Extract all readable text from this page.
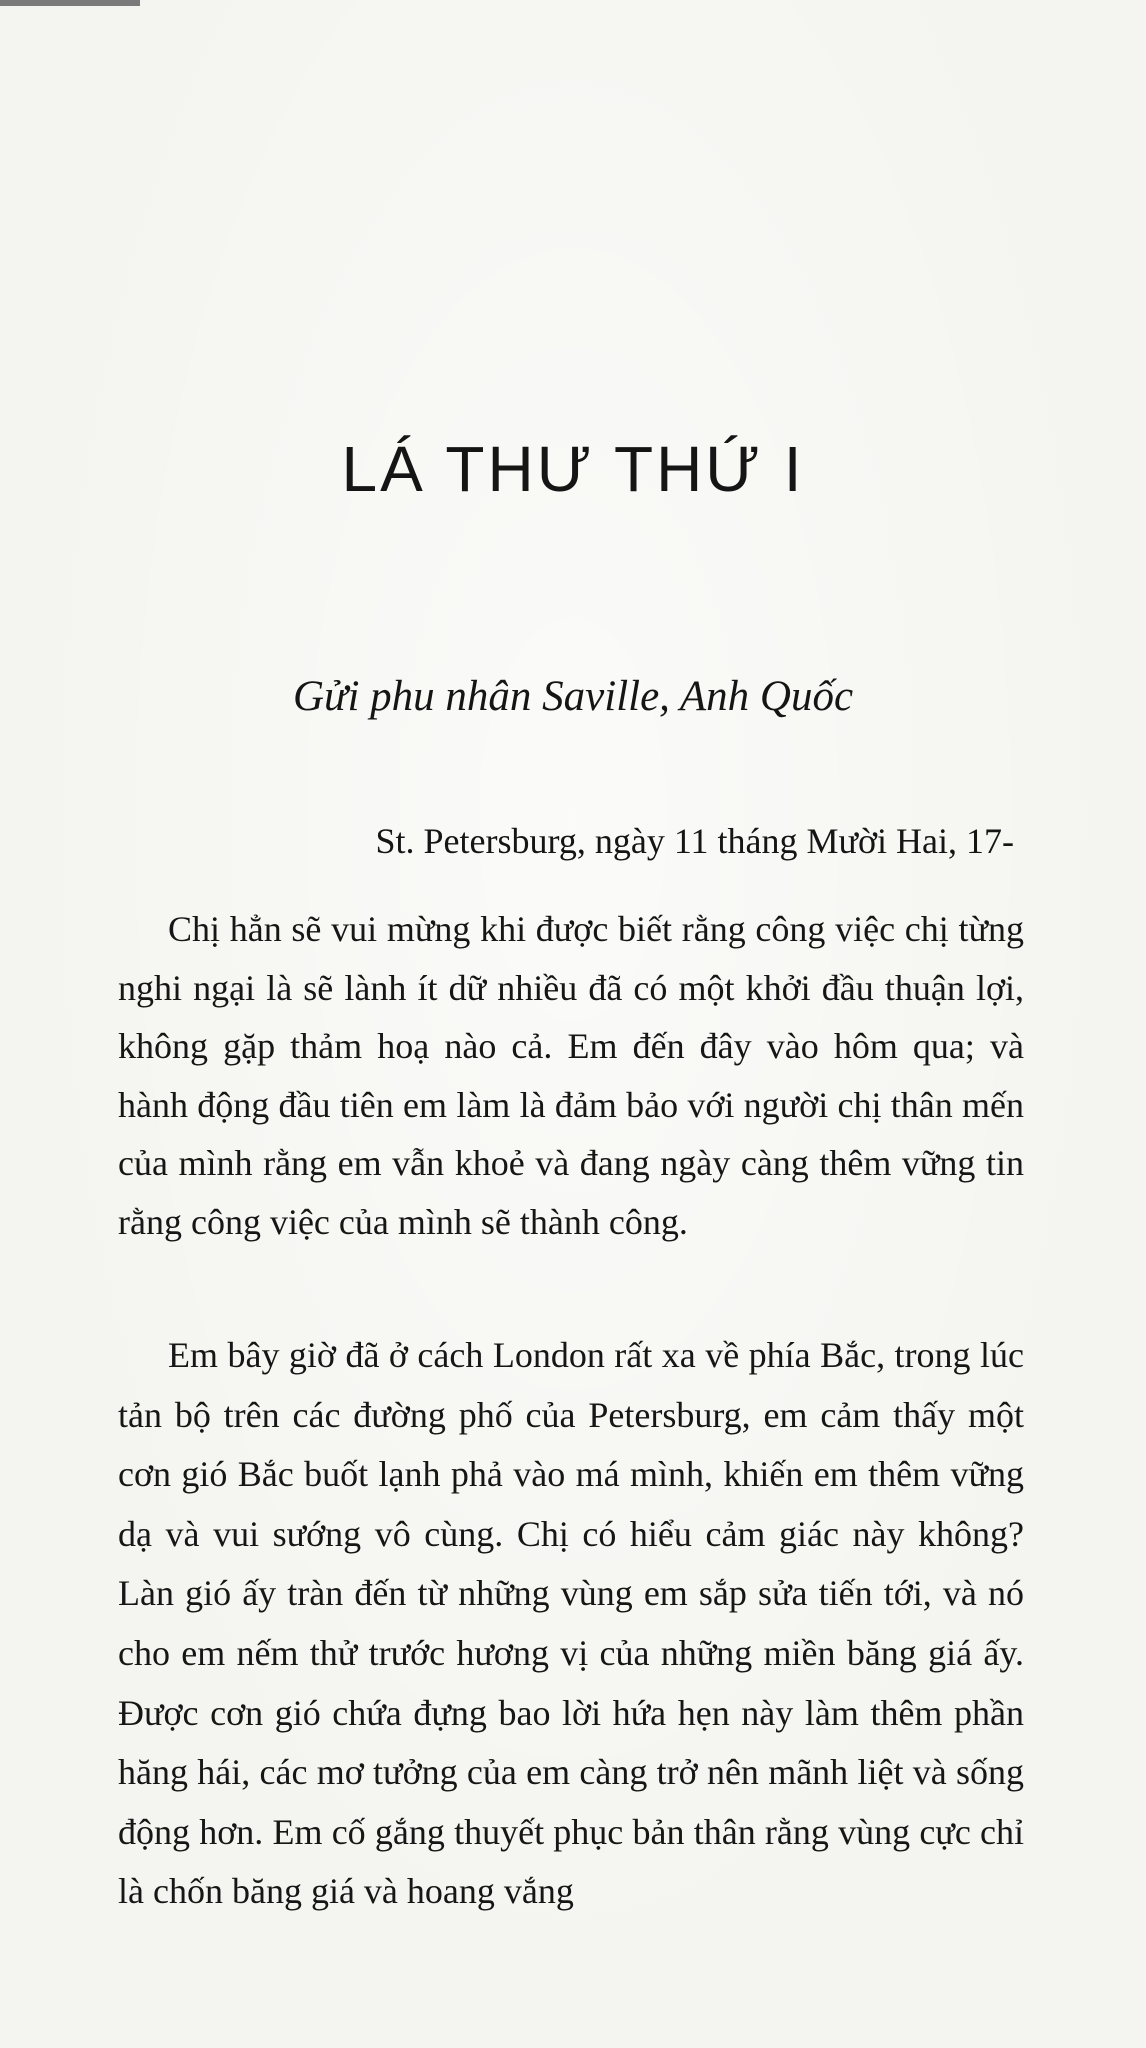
LÁ THƯ THỨ I

Gửi phu nhân Saville, Anh Quốc

St. Petersburg, ngày 11 tháng Mười Hai, 17-

Chị hẳn sẽ vui mừng khi được biết rằng công việc chị từng nghi ngại là sẽ lành ít dữ nhiều đã có một khởi đầu thuận lợi, không gặp thảm hoạ nào cả. Em đến đây vào hôm qua; và hành động đầu tiên em làm là đảm bảo với người chị thân mến của mình rằng em vẫn khoẻ và đang ngày càng thêm vững tin rằng công việc của mình sẽ thành công.

Em bây giờ đã ở cách London rất xa về phía Bắc, trong lúc tản bộ trên các đường phố của Petersburg, em cảm thấy một cơn gió Bắc buốt lạnh phả vào má mình, khiến em thêm vững dạ và vui sướng vô cùng. Chị có hiểu cảm giác này không? Làn gió ấy tràn đến từ những vùng em sắp sửa tiến tới, và nó cho em nếm thử trước hương vị của những miền băng giá ấy. Được cơn gió chứa đựng bao lời hứa hẹn này làm thêm phần hăng hái, các mơ tưởng của em càng trở nên mãnh liệt và sống động hơn. Em cố gắng thuyết phục bản thân rằng vùng cực chỉ là chốn băng giá và hoang vắng
